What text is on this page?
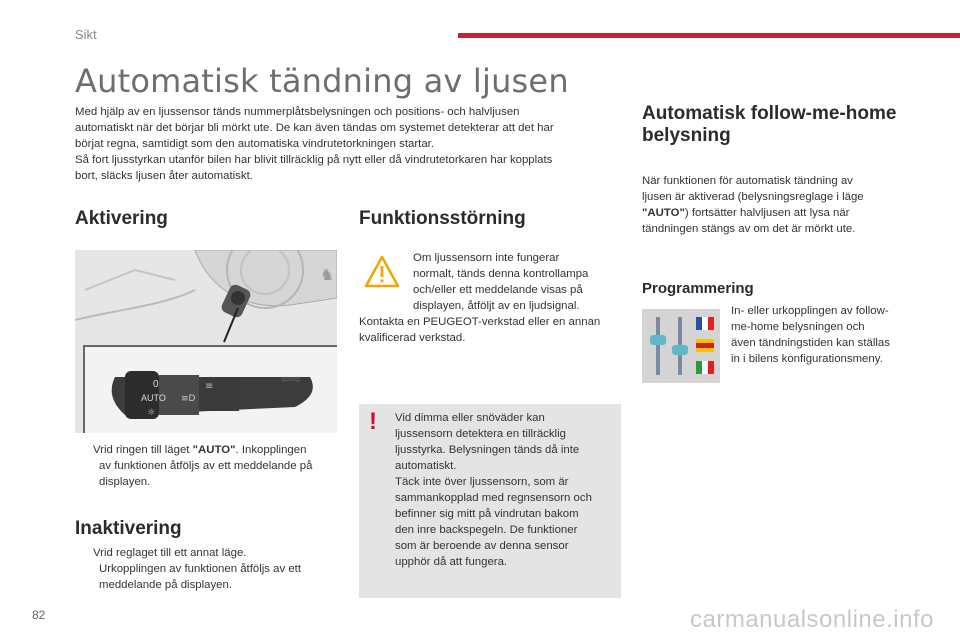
Sikt
Automatisk tändning av ljusen
Med hjälp av en ljussensor tänds nummerplåtsbelysningen och positions- och halvljusen
automatiskt när det börjar bli mörkt ute. De kan även tändas om systemet detekterar att det har
börjat regna, samtidigt som den automatiska vindrutetorkningen startar.
Så fort ljusstyrkan utanför bilen har blivit tillräcklig på nytt eller då vindrutetorkaren har kopplats
bort, släcks ljusen åter automatiskt.
Aktivering
♞
0
AUTO ≡D
☼
≡
⇦⇨
Vrid ringen till läget "AUTO". Inkopplingen
av funktionen åtföljs av ett meddelande på
displayen.
Inaktivering
Vrid reglaget till ett annat läge.
Urkopplingen av funktionen åtföljs av ett
meddelande på displayen.
Funktionsstörning
Om ljussensorn inte fungerar
normalt, tänds denna kontrollampa
och/eller ett meddelande visas på
displayen, åtföljt av en ljudsignal.
Kontakta en PEUGEOT-verkstad eller en annan
kvalificerad verkstad.
! Vid dimma eller snöväder kan
ljussensorn detektera en tillräcklig
ljusstyrka. Belysningen tänds då inte
automatiskt.
Täck inte över ljussensorn, som är
sammankopplad med regnsensorn och
befinner sig mitt på vindrutan bakom
den inre backspegeln. De funktioner
som är beroende av denna sensor
upphör då att fungera.
Automatisk follow-me-home
belysning
När funktionen för automatisk tändning av
ljusen är aktiverad (belysningsreglage i läge
"AUTO") fortsätter halvljusen att lysa när
tändningen stängs av om det är mörkt ute.
Programmering
In- eller urkopplingen av follow-
me-home belysningen och
även tändningstiden kan ställas
in i bilens konfigurationsmeny.
82	carmanualsonline.info
